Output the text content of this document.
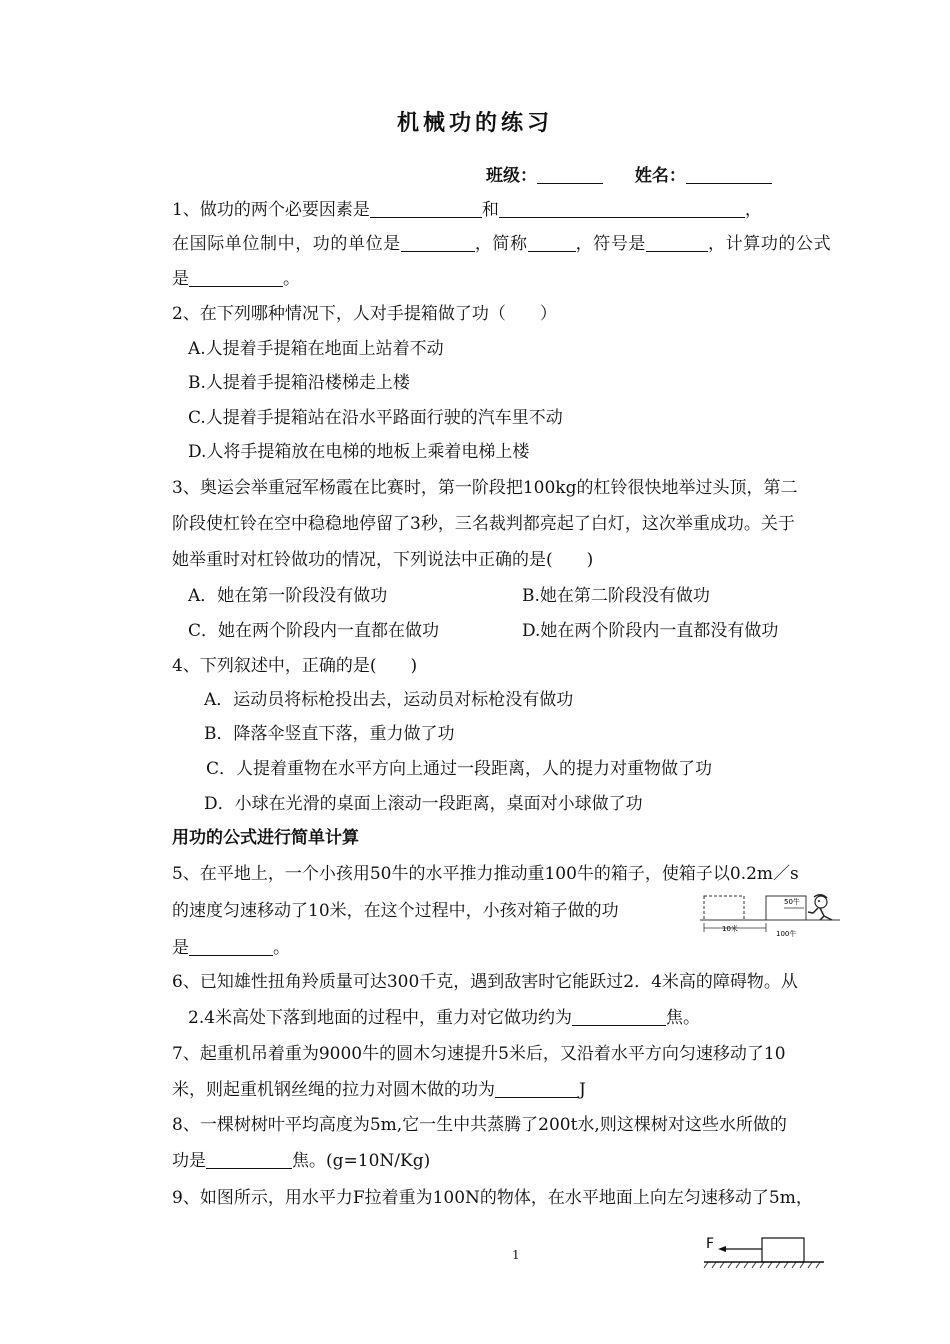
机械功的练习
班级：	姓名：
1、做功的两个必要因素是	和	，
在国际单位制中，功的单位是	，简称	，符号是	，计算功的公式
是	。
2、在下列哪种情况下，人对手提箱做了功（　　）
A.人提着手提箱在地面上站着不动
B.人提着手提箱沿楼梯走上楼
C.人提着手提箱站在沿水平路面行驶的汽车里不动
D.人将手提箱放在电梯的地板上乘着电梯上楼
3、奥运会举重冠军杨霞在比赛时，第一阶段把100kg的杠铃很快地举过头顶，第二
阶段使杠铃在空中稳稳地停留了3秒，三名裁判都亮起了白灯，这次举重成功。关于
她举重时对杠铃做功的情况，下列说法中正确的是(　　)
A．她在第一阶段没有做功	B.她在第二阶段没有做功
C．她在两个阶段内一直都在做功	D.她在两个阶段内一直都没有做功
4、下列叙述中，正确的是(　　)
A．运动员将标枪投出去，运动员对标枪没有做功
B．降落伞竖直下落，重力做了功
C．人提着重物在水平方向上通过一段距离，人的提力对重物做了功
D．小球在光滑的桌面上滚动一段距离，桌面对小球做了功
用功的公式进行简单计算
5、在平地上，一个小孩用50牛的水平推力推动重100牛的箱子，使箱子以0.2m／s
的速度匀速移动了10米，在这个过程中，小孩对箱子做的功
是	。
10米
50牛
100牛
6、已知雄性扭角羚质量可达300千克，遇到敌害时它能跃过2．4米高的障碍物。从
2.4米高处下落到地面的过程中，重力对它做功约为	焦。
7、起重机吊着重为9000牛的圆木匀速提升5米后，又沿着水平方向匀速移动了10
米，则起重机钢丝绳的拉力对圆木做的功为	J
8、一棵树树叶平均高度为5m,它一生中共蒸腾了200t水,则这棵树对这些水所做的
功是	焦。(g=10N/Kg)
9、如图所示，用水平力F拉着重为100N的物体，在水平地面上向左匀速移动了5m，
F
1
